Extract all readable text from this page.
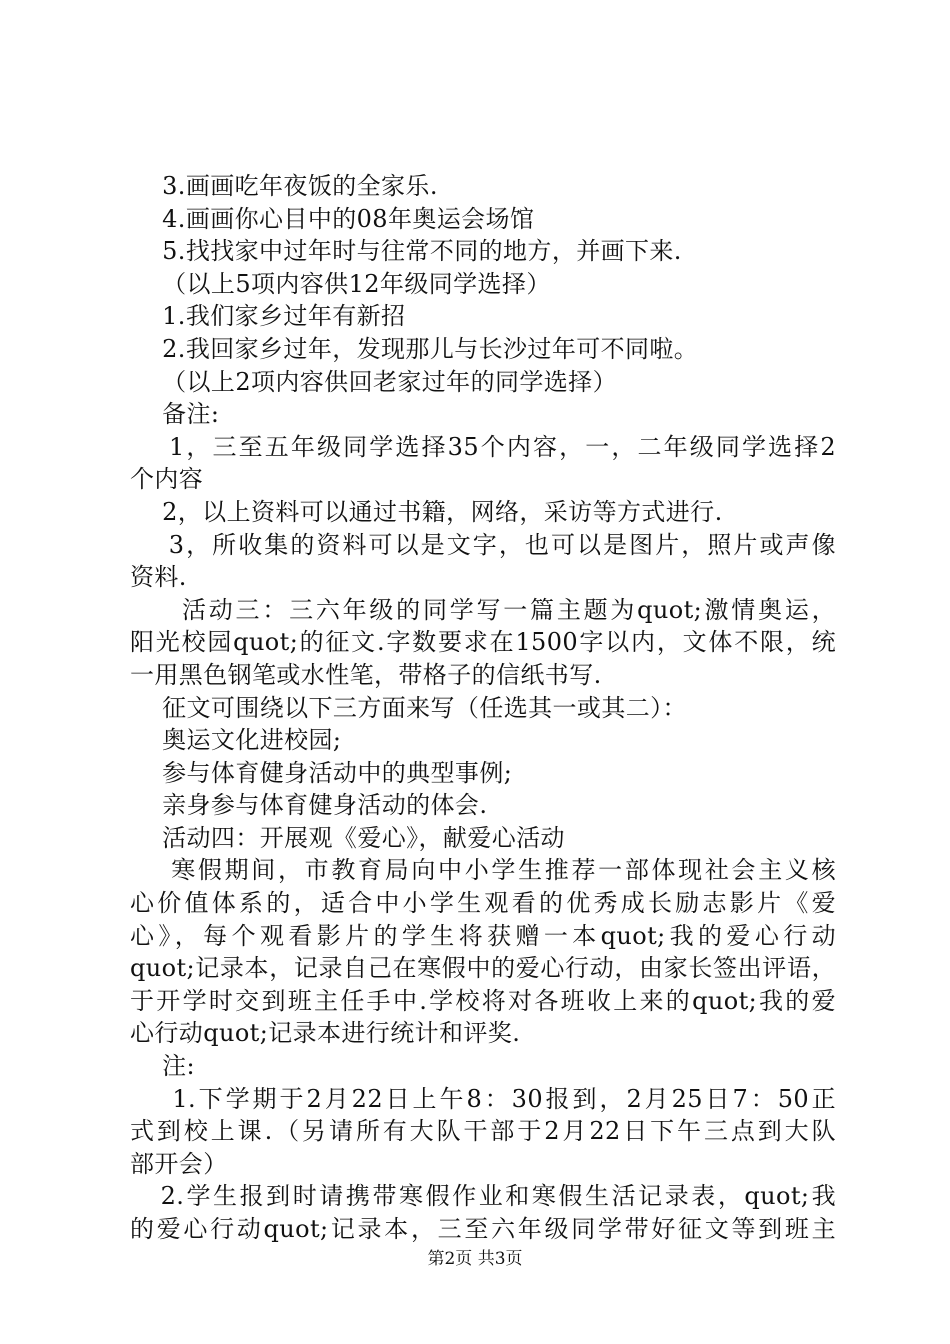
3.画画吃年夜饭的全家乐.
4.画画你心目中的08年奥运会场馆
5.找找家中过年时与往常不同的地方，并画下来.
（以上5项内容供12年级同学选择）
1.我们家乡过年有新招
2.我回家乡过年，发现那儿与长沙过年可不同啦。
（以上2项内容供回老家过年的同学选择）
备注:
1，三至五年级同学选择35个内容，一，二年级同学选择2
个内容
2，以上资料可以通过书籍，网络，采访等方式进行.
3，所收集的资料可以是文字，也可以是图片，照片或声像
资料.
活动三：三六年级的同学写一篇主题为quot;激情奥运，
阳光校园quot;的征文.字数要求在1500字以内，文体不限，统
一用黑色钢笔或水性笔，带格子的信纸书写.
征文可围绕以下三方面来写（任选其一或其二）：
奥运文化进校园;
参与体育健身活动中的典型事例;
亲身参与体育健身活动的体会.
活动四：开展观《爱心》，献爱心活动
寒假期间，市教育局向中小学生推荐一部体现社会主义核
心价值体系的，适合中小学生观看的优秀成长励志影片《爱
心》，每个观看影片的学生将获赠一本quot;我的爱心行动
quot;记录本，记录自己在寒假中的爱心行动，由家长签出评语，
于开学时交到班主任手中.学校将对各班收上来的quot;我的爱
心行动quot;记录本进行统计和评奖.
注:
1.下学期于2月22日上午8：30报到，2月25日7：50正
式到校上课.（另请所有大队干部于2月22日下午三点到大队
部开会）
2.学生报到时请携带寒假作业和寒假生活记录表，quot;我
的爱心行动quot;记录本，三至六年级同学带好征文等到班主
第2页 共3页
